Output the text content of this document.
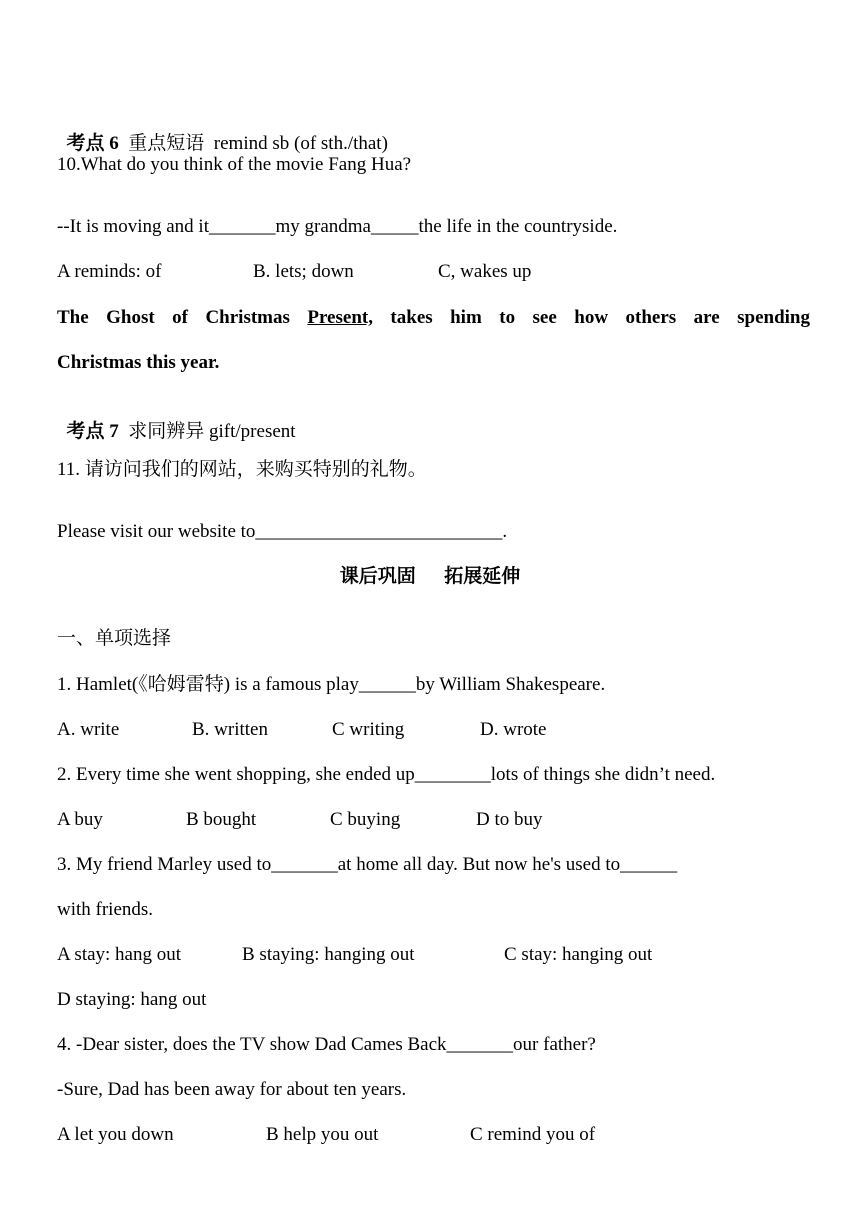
考点 6 重点短语 remind sb (of sth./that)

10.What do you think of the movie Fang Hua?
--It is moving and it_______my grandma_____the life in the countryside.
A reminds: of	B. lets; down	C, wakes up
The Ghost of Christmas Present, takes him to see how others are spending
Christmas this year.

考点 7 求同辨异 gift/present

11. 请访问我们的网站，来购买特别的礼物。
Please visit our website to__________________________.
课后巩固      拓展延伸
一、单项选择
1. Hamlet(《哈姆雷特) is a famous play______by William Shakespeare.
A. write	B. written	C writing	D. wrote
2. Every time she went shopping, she ended up________lots of things she didn’t need.
A buy	B bought	C buying	D to buy
3. My friend Marley used to_______at home all day. But now he's used to______
with friends.
A stay: hang out	B staying: hanging out	C stay: hanging out
D staying: hang out
4. -Dear sister, does the TV show Dad Cames Back_______our father?
-Sure, Dad has been away for about ten years.
A let you down	B help you out	C remind you of
